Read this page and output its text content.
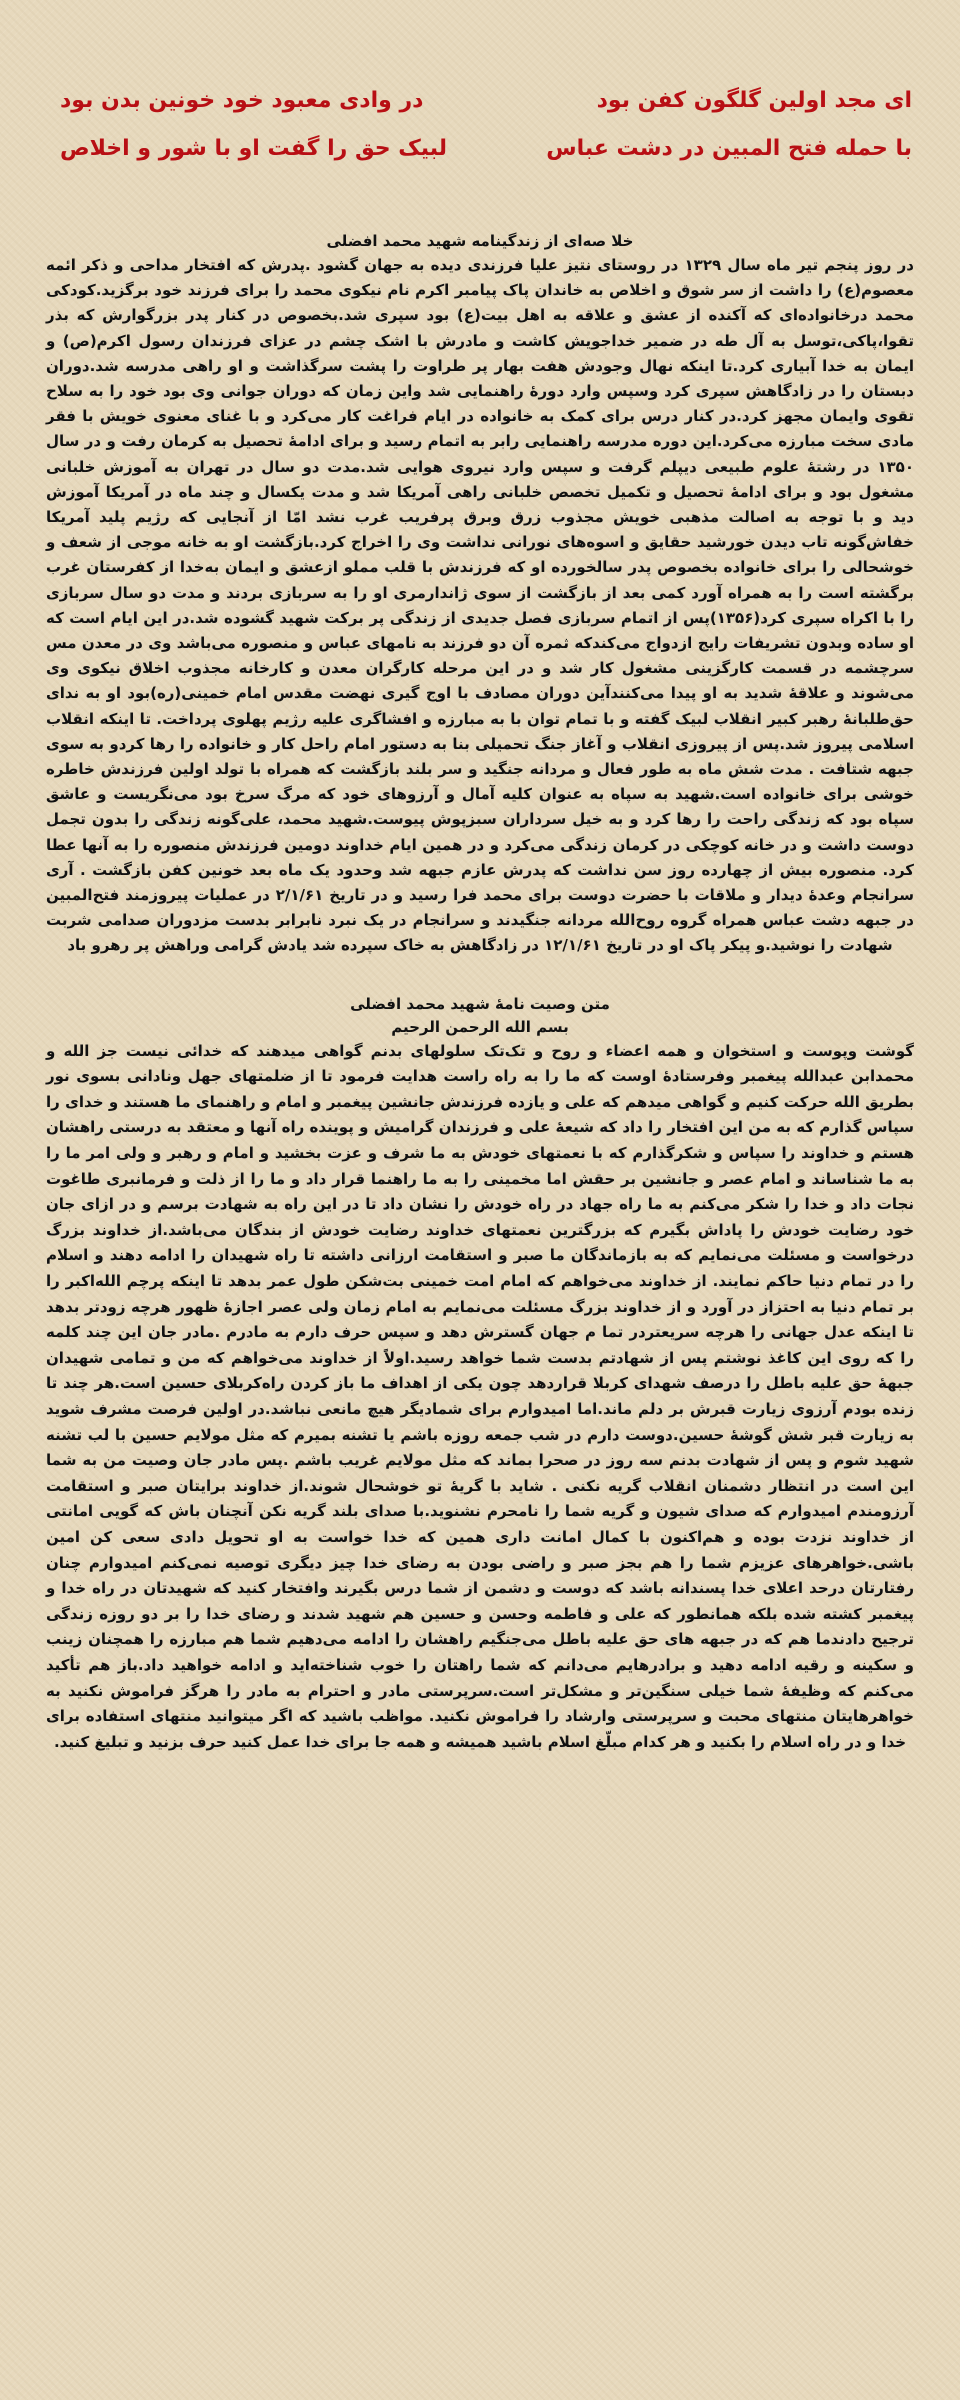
ای مجد اولین گلگون کفن بود
در وادی معبود خود خونین بدن بود
با حمله فتح المبین در دشت عباس
لبیک حق را گفت او با شور و اخلاص
خلا صه‌ای از زندگینامه شهید محمد افضلی

در روز پنجم تیر ماه سال ۱۳۲۹ در روستای نتیز علیا فرزندی دیده به جهان گشود .پدرش که افتخار مداحی و ذکر ائمه معصوم(ع) را داشت از سر شوق و اخلاص به خاندان پاک پیامبر اکرم نام نیکوی محمد را برای فرزند خود برگزید.کودکی محمد درخانواده‌ای که آکنده از عشق و علاقه به اهل بیت(ع) بود سپری شد.بخصوص در کنار پدر بزرگوارش که بذر تقوا،پاکی،توسل به آل طه در ضمیر خداجویش کاشت و مادرش با اشک چشم در عزای فرزندان رسول اکرم(ص) و ایمان به خدا آبیاری کرد.تا اینکه نهال وجودش هفت بهار پر طراوت را پشت سرگذاشت و او راهی مدرسه شد.دوران دبستان را در زادگاهش سپری کرد وسپس وارد دورهٔ راهنمایی شد واین زمان که دوران جوانی وی بود خود را به سلاح تقوی وایمان مجهز کرد.در کنار درس برای کمک به خانواده در ایام فراغت کار می‌کرد و با غنای معنوی خویش با فقر مادی سخت مبارزه می‌کرد.این دوره مدرسه راهنمایی رابر به اتمام رسید و برای ادامهٔ تحصیل به کرمان رفت و در سال ۱۳۵۰ در رشتهٔ علوم طبیعی دیپلم گرفت و سپس وارد نیروی هوایی شد.مدت دو سال در تهران به آموزش خلبانی مشغول بود و برای ادامهٔ تحصیل و تکمیل تخصص خلبانی راهی آمریکا شد و مدت یکسال و چند ماه در آمریکا آموزش دید و با توجه به اصالت مذهبی خویش مجذوب زرق وبرق پرفریب غرب نشد امّا از آنجایی که رژیم پلید آمریکا خفاش‌گونه تاب دیدن خورشید حقایق و اسوه‌های نورانی نداشت وی را اخراج کرد.بازگشت او به خانه موجی از شعف و خوشحالی را برای خانواده بخصوص پدر سالخورده او که فرزندش با قلب مملو ازعشق و ایمان به‌خدا از کفرستان غرب برگشته است را به همراه آورد کمی بعد از بازگشت از سوی ژاندارمری او را به سربازی بردند و مدت دو سال سربازی را با اکراه سپری کرد(۱۳۵۶)پس از اتمام سربازی فصل جدیدی از زندگی پر برکت شهید گشوده شد.در این ایام است که او ساده وبدون تشریفات رایج ازدواج می‌کندکه ثمره آن دو فرزند به نامهای عباس و منصوره می‌باشد وی در معدن مس سرچشمه در قسمت کارگزینی مشغول کار شد و در این مرحله کارگران معدن و کارخانه مجذوب اخلاق نیکوی وی می‌شوند و علاقهٔ شدید به او پیدا می‌کنندآین دوران مصادف با اوج گیری نهضت مقدس امام خمینی(ره)بود او به ندای حق‌طلبانهٔ رهبر کبیر انقلاب لبیک گفته و با تمام توان با به مبارزه و افشاگری علیه رژیم پهلوی پرداخت. تا اینکه انقلاب اسلامی پیروز شد.پس از پیروزی انقلاب و آغاز جنگ تحمیلی بنا به دستور امام راحل کار و خانواده را رها کردو به سوی جبهه شتافت . مدت شش ماه به طور فعال و مردانه جنگید و سر بلند بازگشت که همراه با تولد اولین فرزندش خاطره خوشی برای خانواده است.شهید به سپاه به عنوان کلیه آمال و آرزوهای خود که مرگ سرخ بود می‌نگریست و عاشق سپاه بود که زندگی راحت را رها کرد و به خیل سرداران سبزپوش پیوست.شهید محمد، علی‌گونه زندگی را بدون تجمل دوست داشت و در خانه کوچکی در کرمان زندگی می‌کرد و در همین ایام خداوند دومین فرزندش منصوره را به آنها عطا کرد. منصوره بیش از چهارده روز سن نداشت که پدرش عازم جبهه شد وحدود یک ماه بعد خونین کفن بازگشت . آری سرانجام وعدهٔ دیدار و ملاقات با حضرت دوست برای محمد فرا رسید و در تاریخ ۲/۱/۶۱ در عملیات پیروزمند فتح‌المبین در جبهه دشت عباس همراه گروه روح‌الله مردانه جنگیدند و سرانجام در یک نبرد نابرابر بدست مزدوران صدامی شربت شهادت را نوشید.و پیکر پاک او در تاریخ ۱۲/۱/۶۱ در زادگاهش به خاک سپرده شد یادش گرامی وراهش پر رهرو باد

متن وصیت نامهٔ شهید محمد افضلی
بسم الله الرحمن الرحیم

گوشت وپوست و استخوان و همه اعضاء و روح و تک‌تک سلولهای بدنم گواهی میدهند که خدائی نیست جز الله و محمدابن عبدالله پیغمبر وفرستادهٔ اوست که ما را به راه راست هدایت فرمود تا از ضلمتهای جهل ونادانی بسوی نور بطریق الله حرکت کنیم و گواهی میدهم که علی و یازده فرزندش جانشین پیغمبر و امام و راهنمای ما هستند و خدای را سپاس گذارم که به من این افتخار را داد که شیعهٔ علی و فرزندان گرامیش و پوینده راه آنها و معتقد به درستی راهشان هستم و خداوند را سپاس و شکرگذارم که با نعمتهای خودش به ما شرف و عزت بخشید و امام و رهبر و ولی امر ما را به ما شناساند و امام عصر و جانشین بر حقش اما مخمینی را به ما راهنما قرار داد و ما را از ذلت و فرمانبری طاغوت نجات داد و خدا را شکر می‌کنم به ما راه جهاد در راه خودش را نشان داد تا در این راه به شهادت برسم و در ازای جان خود رضایت خودش را پاداش بگیرم که بزرگترین نعمتهای خداوند رضایت خودش از بندگان می‌باشد.از خداوند بزرگ درخواست و مسئلت می‌نمایم که به بازماندگان ما صبر و استقامت ارزانی داشته تا راه شهیدان را ادامه دهند و اسلام را در تمام دنیا حاکم نمایند. از خداوند می‌خواهم که امام امت خمینی بت‌شکن طول عمر بدهد تا اینکه پرچم الله‌اکبر را بر تمام دنیا به احتزاز در آورد و از خداوند بزرگ مسئلت می‌نمایم به امام زمان ولی عصر اجازهٔ ظهور هرچه زودتر بدهد تا اینکه عدل جهانی را هرچه سریعتردر تما م جهان گسترش دهد و سپس حرف دارم به مادرم .مادر جان این چند کلمه را که روی این کاغذ نوشتم پس از شهادتم بدست شما خواهد رسید.اولاً از خداوند می‌خواهم که من و تمامی شهیدان جبههٔ حق علیه باطل را درصف شهدای کربلا قراردهد چون یکی از اهداف ما باز کردن راه‌کربلای حسین است.هر چند تا زنده بودم آرزوی زیارت قبرش بر دلم ماند.اما امیدوارم برای شمادیگر هیچ مانعی نباشد.در اولین فرصت مشرف شوید به زیارت قبر شش گوشهٔ حسین.دوست دارم در شب جمعه روزه باشم یا تشنه بمیرم که مثل مولایم حسین با لب تشنه شهید شوم و پس از شهادت بدنم سه روز در صحرا بماند که مثل مولایم غریب باشم .پس مادر جان وصیت من به شما این است در انتظار دشمنان انقلاب گریه نکنی . شاید با گریهٔ تو خوشحال شوند.از خداوند برایتان صبر و استقامت آرزومندم امیدوارم که صدای شیون و گریه شما را نامحرم نشنوید.با صدای بلند گریه نکن آنچنان باش که گویی امانتی از خداوند نزدت بوده و هم‌اکنون با کمال امانت داری همین که خدا خواست به او تحویل دادی سعی کن امین باشی.خواهرهای عزیزم شما را هم بجز صبر و راضی بودن به رضای خدا چیز دیگری توصیه نمی‌کنم امیدوارم چنان رفتار‌تان درحد اعلای خدا پسندانه باشد که دوست و دشمن از شما درس بگیرند وافتخار کنید که شهیدتان در راه خدا و پیغمبر کشته شده بلکه همانطور که علی و فاطمه وحسن و حسین هم شهید شدند و رضای خدا را بر دو روزه زندگی ترجیح دادندما هم که در جبهه های حق علیه باطل می‌جنگیم راهشان را ادامه می‌دهیم شما هم مبارزه را همچنان زینب و سکینه و رقیه ادامه دهید و برادرهایم می‌دانم که شما راهتان را خوب شناخته‌اید و ادامه خواهید داد.باز هم تأکید می‌کنم که وظیفهٔ شما خیلی سنگین‌تر و مشکل‌تر است.سرپرستی مادر و احترام به مادر را هرگز فراموش نکنید به خواهرهایتان منتهای محبت و سرپرستی وارشاد را فراموش نکنید. مواظب باشید که اگر میتوانید منتهای استفاده برای خدا و در راه اسلام را بکنید و هر کدام مبلّغ اسلام باشید همیشه و همه جا برای خدا عمل کنید حرف بزنید و تبلیغ کنید.
